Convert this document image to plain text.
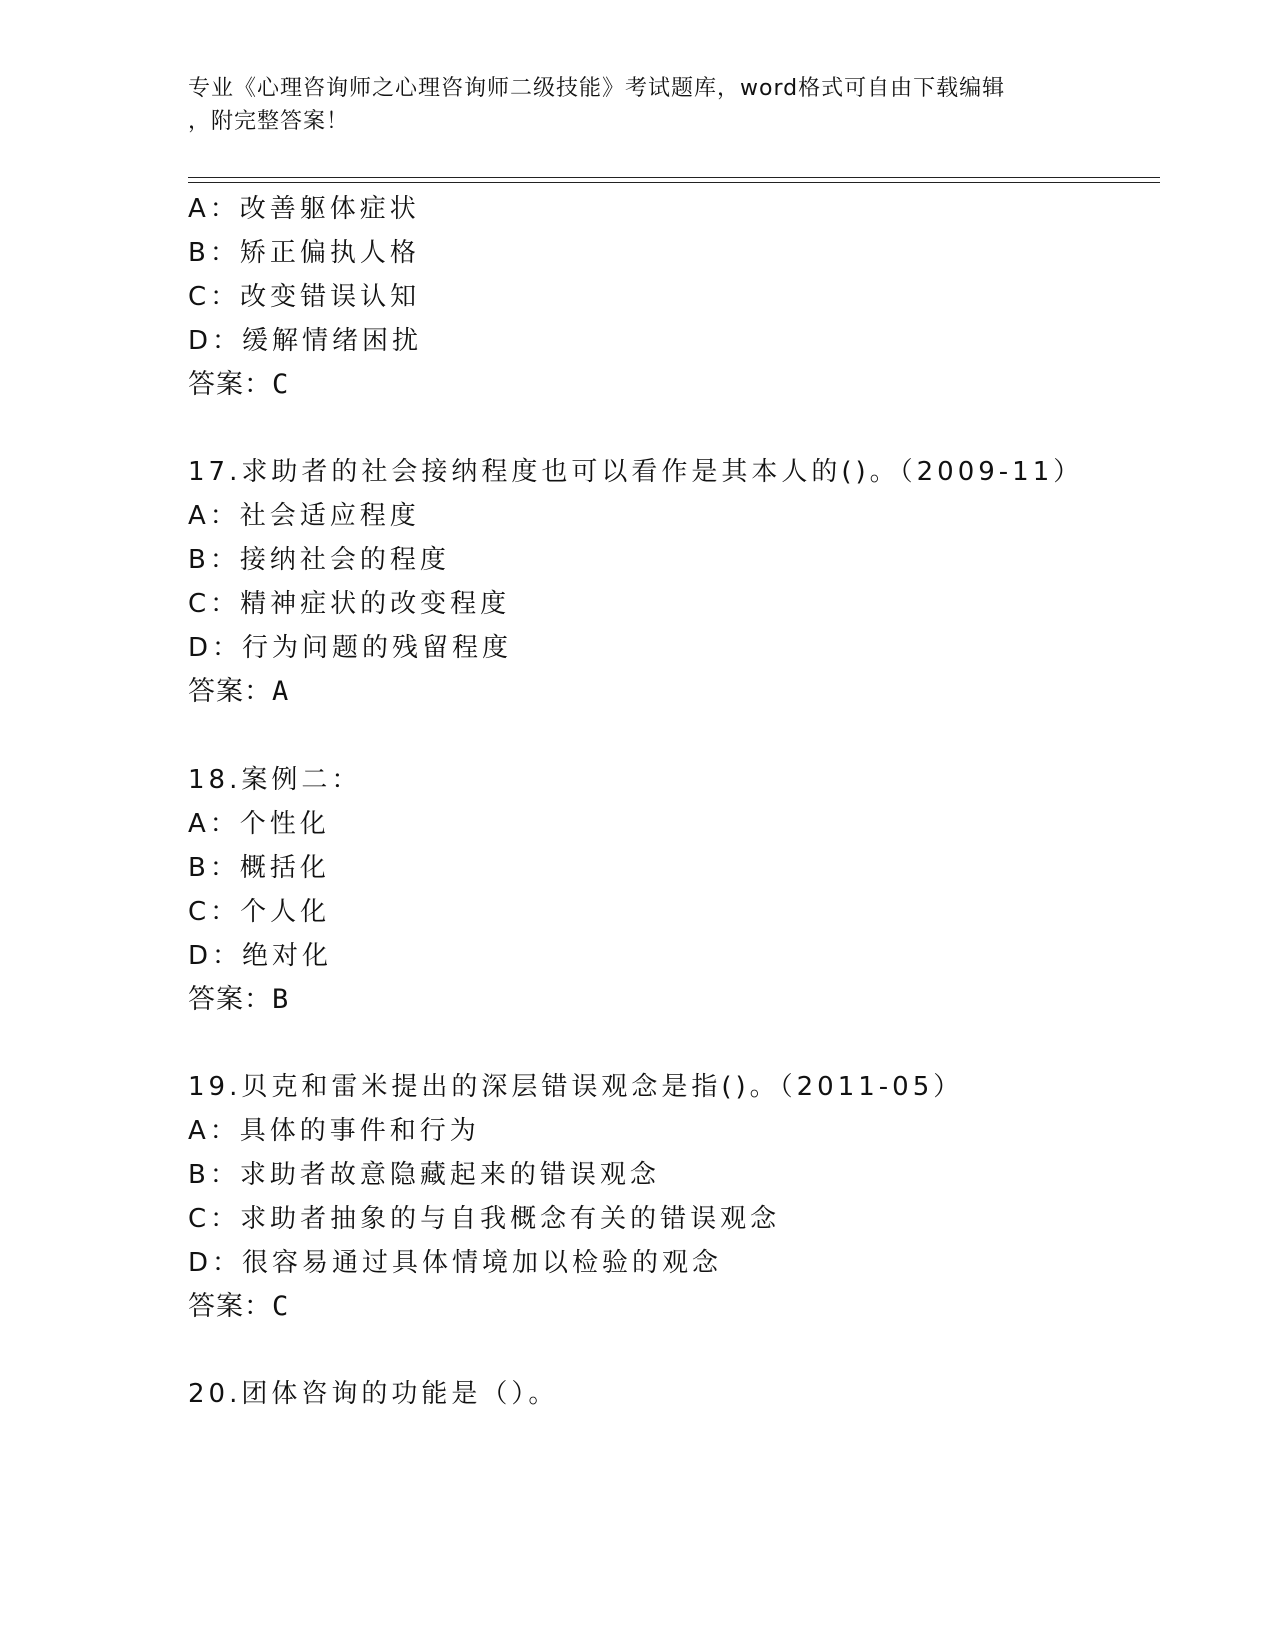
专业《心理咨询师之心理咨询师二级技能》考试题库，word格式可自由下载编辑
，附完整答案！
A：改善躯体症状
B：矫正偏执人格
C：改变错误认知
D：缓解情绪困扰
答案：C
17.求助者的社会接纳程度也可以看作是其本人的()。（2009-11）
A：社会适应程度
B：接纳社会的程度
C：精神症状的改变程度
D：行为问题的残留程度
答案：A
18.案例二：
A：个性化
B：概括化
C：个人化
D：绝对化
答案：B
19.贝克和雷米提出的深层错误观念是指()。（2011-05）
A：具体的事件和行为
B：求助者故意隐藏起来的错误观念
C：求助者抽象的与自我概念有关的错误观念
D：很容易通过具体情境加以检验的观念
答案：C
20.团体咨询的功能是（）。
